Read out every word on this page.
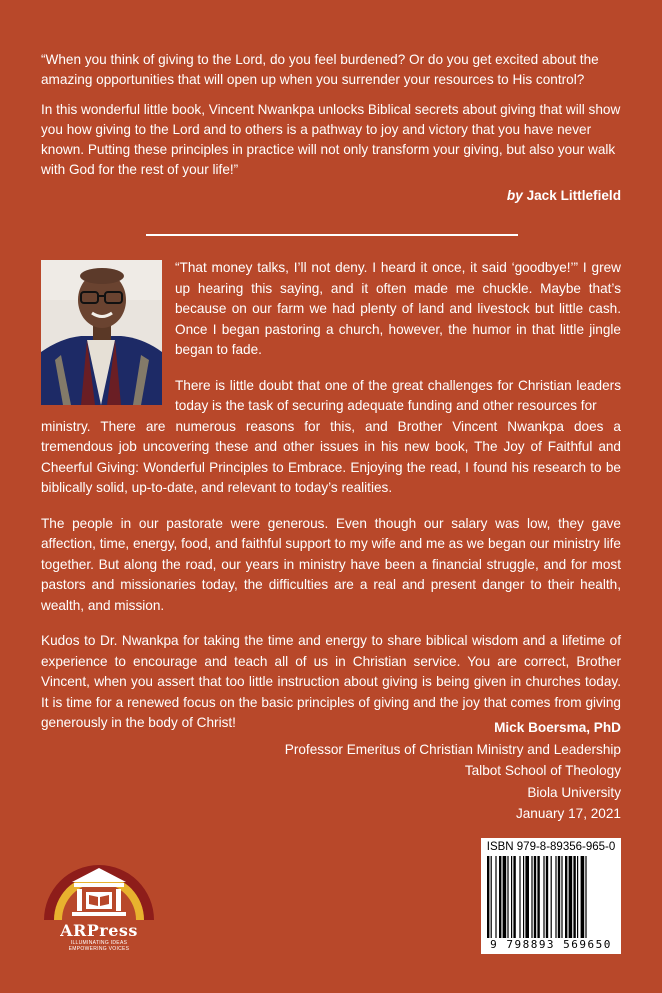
“When you think of giving to the Lord, do you feel burdened? Or do you get excited about the amazing opportunities that will open up when you surrender your resources to His control?

In this wonderful little book, Vincent Nwankpa unlocks Biblical secrets about giving that will show you how giving to the Lord and to others is a pathway to joy and victory that you have never known. Putting these principles in practice will not only transform your giving, but also your walk with God for the rest of your life!”

by Jack Littlefield

“That money talks, I’ll not deny. I heard it once, it said ‘goodbye!’” I grew up hearing this saying, and it often made me chuckle. Maybe that’s because on our farm we had plenty of land and livestock but little cash. Once I began pastoring a church, however, the humor in that little jingle began to fade.

There is little doubt that one of the great challenges for Christian leaders today is the task of securing adequate funding and other resources for

ministry. There are numerous reasons for this, and Brother Vincent Nwankpa does a tremendous job uncovering these and other issues in his new book, The Joy of Faithful and Cheerful Giving: Wonderful Principles to Embrace. Enjoying the read, I found his research to be biblically solid, up-to-date, and relevant to today’s realities.

The people in our pastorate were generous. Even though our salary was low, they gave affection, time, energy, food, and faithful support to my wife and me as we began our ministry life together. But along the road, our years in ministry have been a financial struggle, and for most pastors and missionaries today, the difficulties are a real and present danger to their health, wealth, and mission.

Kudos to Dr. Nwankpa for taking the time and energy to share biblical wisdom and a lifetime of experience to encourage and teach all of us in Christian service. You are correct, Brother Vincent, when you assert that too little instruction about giving is being given in churches today. It is time for a renewed focus on the basic principles of giving and the joy that comes from giving generously in the body of Christ!	Mick Boersma, PhD
Professor Emeritus of Christian Ministry and Leadership
Talbot School of Theology
Biola University
January 17, 2021
ARPress
ILLUMINATING IDEAS
EMPOWERING VOICES
ISBN 979-8-89356-965-0
9 798893 569650
